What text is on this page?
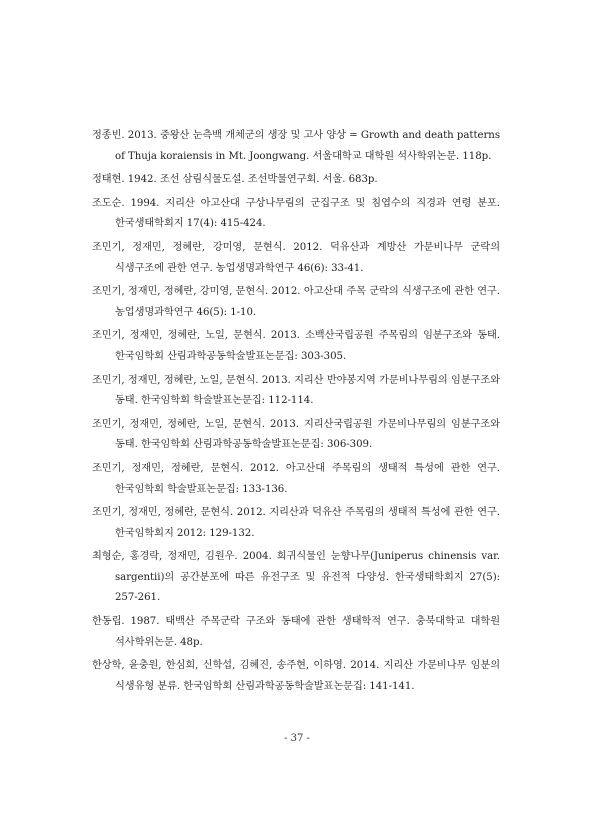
정종빈. 2013. 중왕산 눈측백 개체군의 생장 및 고사 양상 = Growth and death patterns of Thuja koraiensis in Mt. Joongwang. 서울대학교 대학원 석사학위논문. 118p.
정태현. 1942. 조선 삼림식물도설. 조선박물연구회. 서울. 683p.
조도순. 1994. 지리산 아고산대 구상나무림의 군집구조 및 침엽수의 직경과 연령 분포. 한국생태학회지 17(4): 415-424.
조민기, 정재민, 정혜란, 강미영, 문현식. 2012. 덕유산과 계방산 가문비나무 군락의 식생구조에 관한 연구. 농업생명과학연구 46(6): 33-41.
조민기, 정재민, 정혜란, 강미영, 문현식. 2012. 아고산대 주목 군락의 식생구조에 관한 연구. 농업생명과학연구 46(5): 1-10.
조민기, 정재민, 정혜란, 노일, 문현식. 2013. 소백산국립공원 주목림의 임분구조와 동태. 한국임학회 산림과학공동학술발표논문집: 303-305.
조민기, 정재민, 정혜란, 노일, 문현식. 2013. 지리산 반야봉지역 가문비나무림의 임분구조와 동태. 한국임학회 학술발표논문집: 112-114.
조민기, 정재민, 정혜란, 노일, 문현식. 2013. 지리산국립공원 가문비나무림의 임분구조와 동태. 한국임학회 산림과학공동학술발표논문집: 306-309.
조민기, 정재민, 정혜란, 문현식. 2012. 아고산대 주목림의 생태적 특성에 관한 연구. 한국임학회 학술발표논문집: 133-136.
조민기, 정재민, 정혜란, 문현식. 2012. 지리산과 덕유산 주목림의 생태적 특성에 관한 연구. 한국임학회지 2012: 129-132.
최형순, 홍경락, 정재민, 김원우. 2004. 희귀식물인 눈향나무(Juniperus chinensis var. sargentii)의 공간분포에 따른 유전구조 및 유전적 다양성. 한국생태학회지 27(5): 257-261.
한동립. 1987. 태백산 주목군락 구조와 동태에 관한 생태학적 연구. 충북대학교 대학원 석사학위논문. 48p.
한상학, 윤충원, 한심희, 신학섭, 김혜진, 송주현, 이하영. 2014. 지리산 가문비나무 임분의 식생유형 분류. 한국임학회 산림과학공동학술발표논문집: 141-141.
- 37 -
